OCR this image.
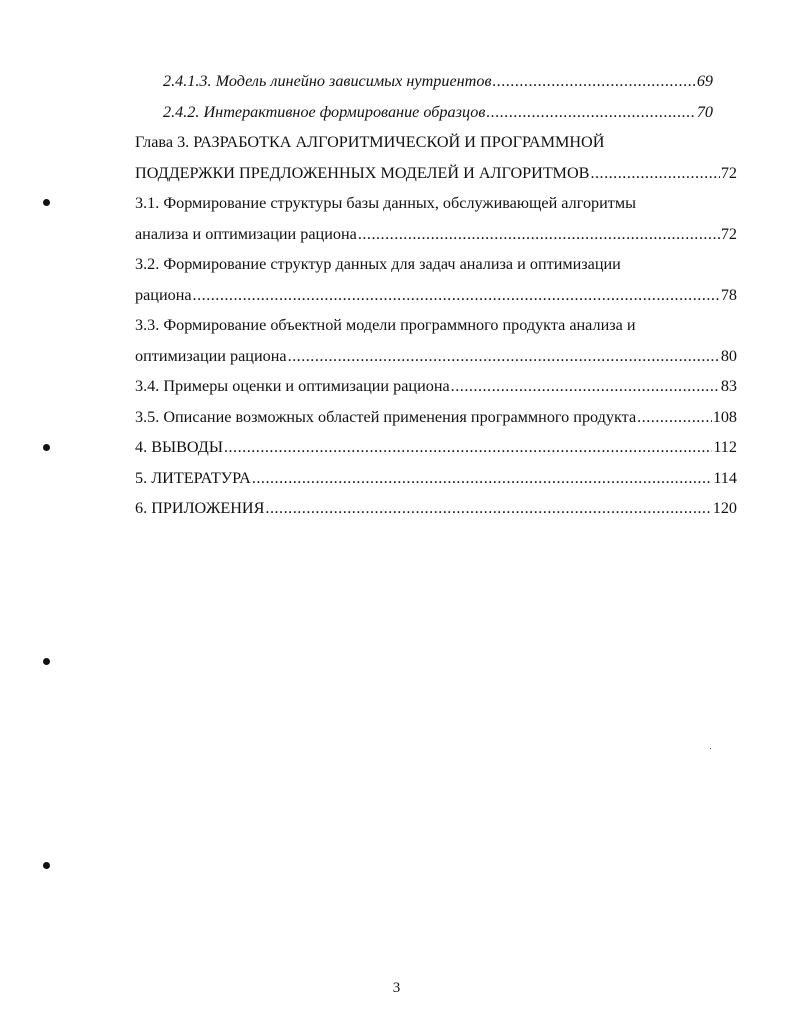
2.4.1.3. Модель линейно зависимых нутриентов .....	69
2.4.2. Интерактивное формирование образцов .....	70
Глава 3. РАЗРАБОТКА АЛГОРИТМИЧЕСКОЙ И ПРОГРАММНОЙ
ПОДДЕРЖКИ ПРЕДЛОЖЕННЫХ МОДЕЛЕЙ И АЛГОРИТМОВ .....	72
3.1. Формирование структуры базы данных, обслуживающей алгоритмы
анализа и оптимизации рациона .....	72
3.2. Формирование структур данных для задач анализа и оптимизации
рациона .....	78
3.3. Формирование объектной модели программного продукта анализа и
оптимизации рациона .....	80
3.4. Примеры оценки и оптимизации рациона .....	83
3.5. Описание возможных областей применения программного продукта .....	108
4. ВЫВОДЫ .....	112
5. ЛИТЕРАТУРА .....	114
6. ПРИЛОЖЕНИЯ .....	120
3
